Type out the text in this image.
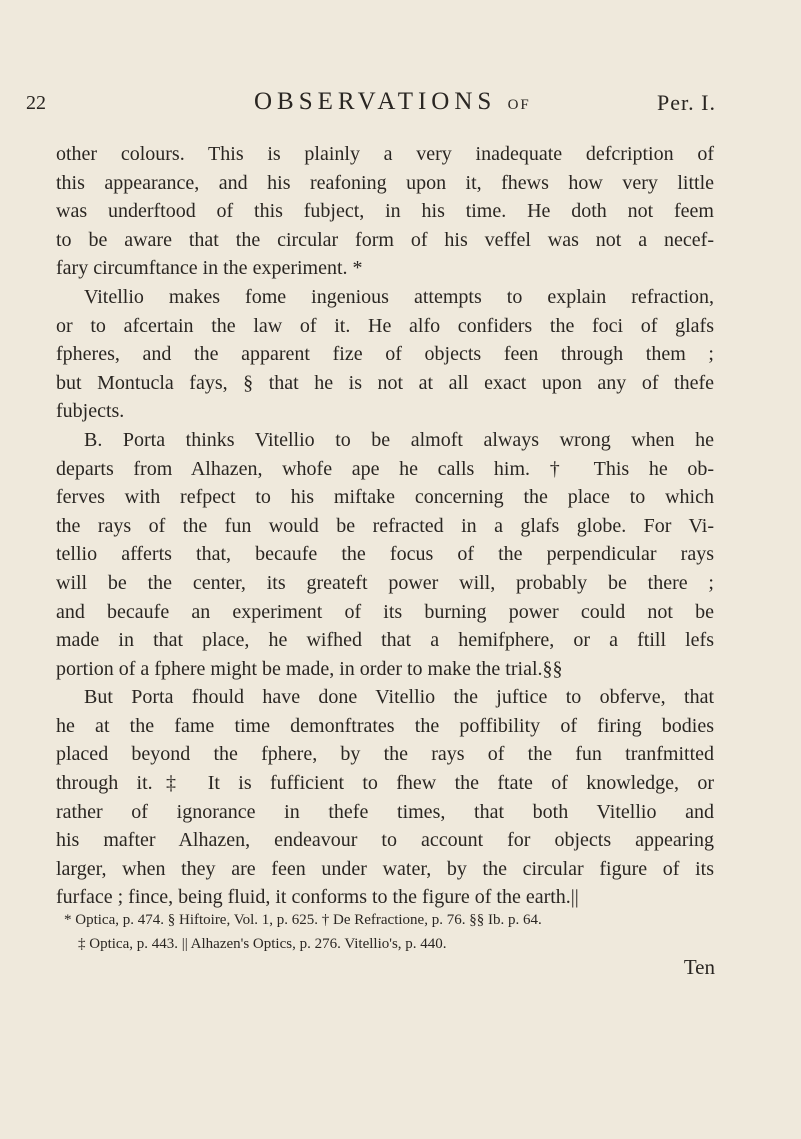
22	OBSERVATIONS OF	Per. I.

other colours. This is plainly a very inadequate defcription of

this appearance, and his reafoning upon it, fhews how very little

was underftood of this fubject, in his time. He doth not feem

to be aware that the circular form of his veffel was not a necef-

fary circumftance in the experiment. *

Vitellio makes fome ingenious attempts to explain refraction,

or to afcertain the law of it. He alfo confiders the foci of glafs

fpheres, and the apparent fize of objects feen through them ;

but Montucla fays, § that he is not at all exact upon any of thefe

fubjects.

B. Porta thinks Vitellio to be almoft always wrong when he

departs from Alhazen, whofe ape he calls him. † This he ob-

ferves with refpect to his miftake concerning the place to which

the rays of the fun would be refracted in a glafs globe. For Vi-

tellio afferts that, becaufe the focus of the perpendicular rays

will be the center, its greateft power will, probably be there ;

and becaufe an experiment of its burning power could not be

made in that place, he wifhed that a hemifphere, or a ftill lefs

portion of a fphere might be made, in order to make the trial.§§

But Porta fhould have done Vitellio the juftice to obferve, that

he at the fame time demonftrates the poffibility of firing bodies

placed beyond the fphere, by the rays of the fun tranfmitted

through it.‡ It is fufficient to fhew the ftate of knowledge, or

rather of ignorance in thefe times, that both Vitellio and

his mafter Alhazen, endeavour to account for objects appearing

larger, when they are feen under water, by the circular figure of its

furface ; fince, being fluid, it conforms to the figure of the earth.||

* Optica, p. 474. § Hiftoire, Vol. 1, p. 625. † De Refractione, p. 76. §§ Ib. p. 64.
‡ Optica, p. 443. || Alhazen's Optics, p. 276. Vitellio's, p. 440.
Ten
